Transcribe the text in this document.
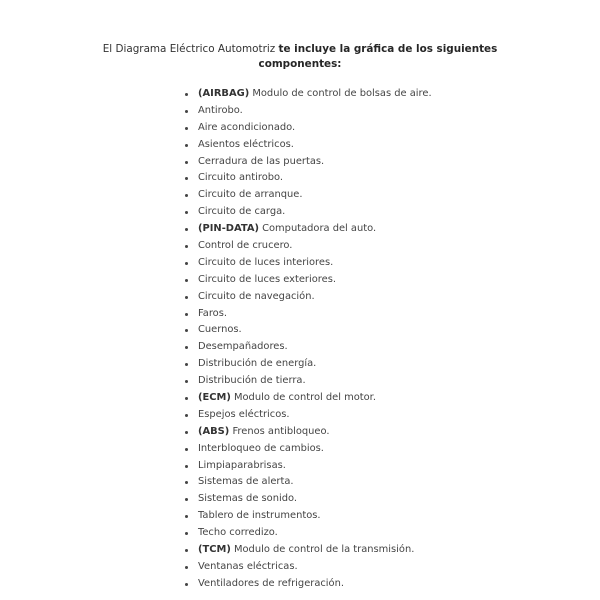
El Diagrama Eléctrico Automotriz te incluye la gráfica de los siguientes componentes:
(AIRBAG) Modulo de control de bolsas de aire.
Antirobo.
Aire acondicionado.
Asientos eléctricos.
Cerradura de las puertas.
Circuito antirobo.
Circuito de arranque.
Circuito de carga.
(PIN-DATA) Computadora del auto.
Control de crucero.
Circuito de luces interiores.
Circuito de luces exteriores.
Circuito de navegación.
Faros.
Cuernos.
Desempañadores.
Distribución de energía.
Distribución de tierra.
(ECM) Modulo de control del motor.
Espejos eléctricos.
(ABS) Frenos antibloqueo.
Interbloqueo de cambios.
Limpiaparabrisas.
Sistemas de alerta.
Sistemas de sonido.
Tablero de instrumentos.
Techo corredizo.
(TCM) Modulo de control de la transmisión.
Ventanas eléctricas.
Ventiladores de refrigeración.
